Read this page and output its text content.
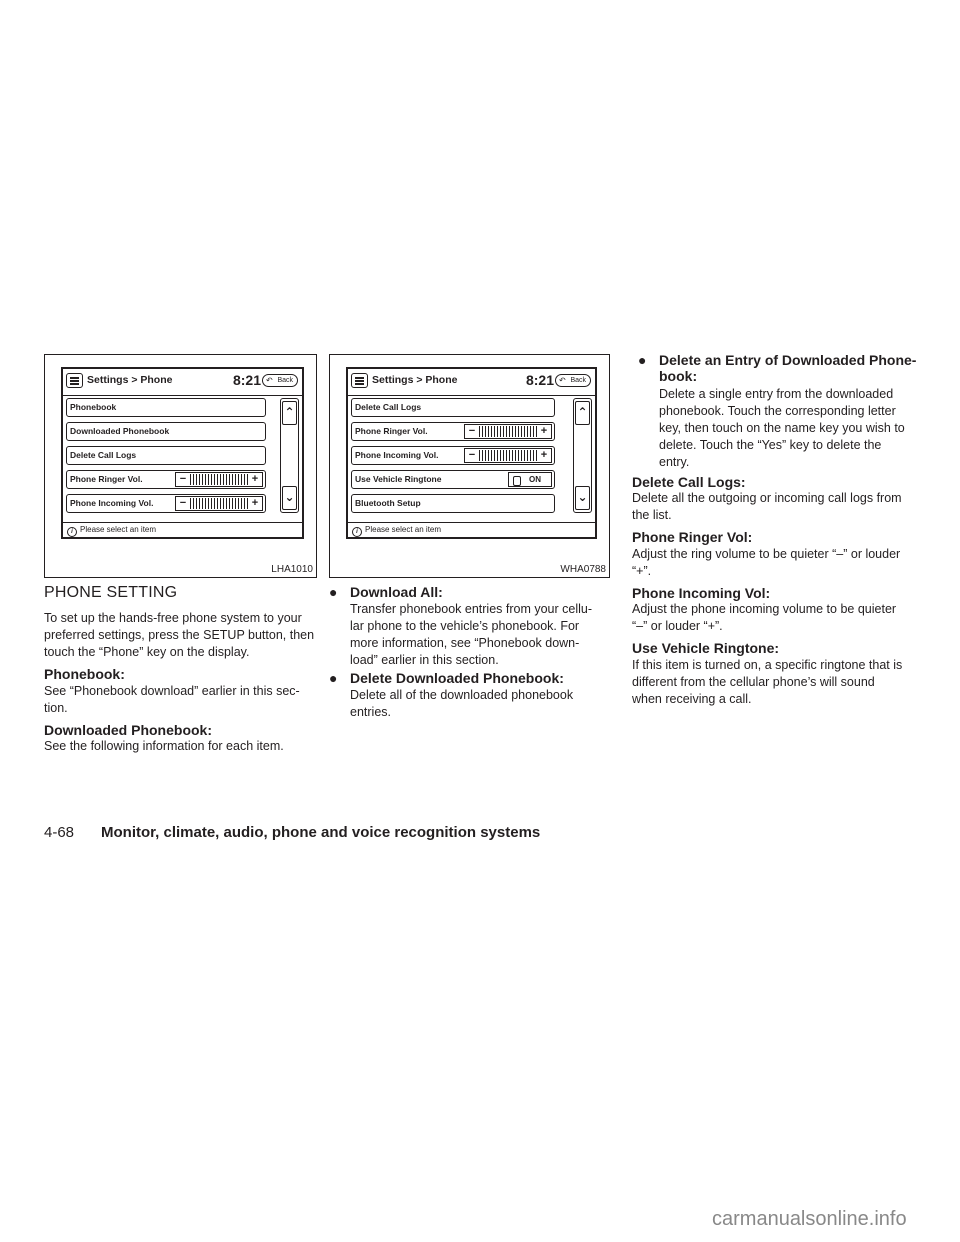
Settings > Phone	8:21 ↶ Back
Phonebook
Downloaded Phonebook
Delete Call Logs
Phone Ringer Vol.	−	+
Phone Incoming Vol.	−	+
⌃
⌄
i Please select an item
LHA1010
Settings > Phone	8:21 ↶ Back
Delete Call Logs
Phone Ringer Vol.	−	+
Phone Incoming Vol.	−	+
Use Vehicle Ringtone	ON
Bluetooth Setup
⌃
⌄
i Please select an item
WHA0788
PHONE SETTING
To set up the hands-free phone system to your
preferred settings, press the SETUP button, then
touch the “Phone” key on the display.
Phonebook:
See “Phonebook download” earlier in this sec-
tion.
Downloaded Phonebook:
See the following information for each item.
● Download All:
Transfer phonebook entries from your cellu-
lar phone to the vehicle’s phonebook. For
more information, see “Phonebook down-
load” earlier in this section.
● Delete Downloaded Phonebook:
Delete all of the downloaded phonebook
entries.
● Delete an Entry of Downloaded Phone-
book:
Delete a single entry from the downloaded
phonebook. Touch the corresponding letter
key, then touch on the name key you wish to
delete. Touch the “Yes” key to delete the
entry.
Delete Call Logs:
Delete all the outgoing or incoming call logs from
the list.
Phone Ringer Vol:
Adjust the ring volume to be quieter “–” or louder
“+”.
Phone Incoming Vol:
Adjust the phone incoming volume to be quieter
“–” or louder “+”.
Use Vehicle Ringtone:
If this item is turned on, a specific ringtone that is
different from the cellular phone’s will sound
when receiving a call.
4-68 Monitor, climate, audio, phone and voice recognition systems
carmanualsonline.info
